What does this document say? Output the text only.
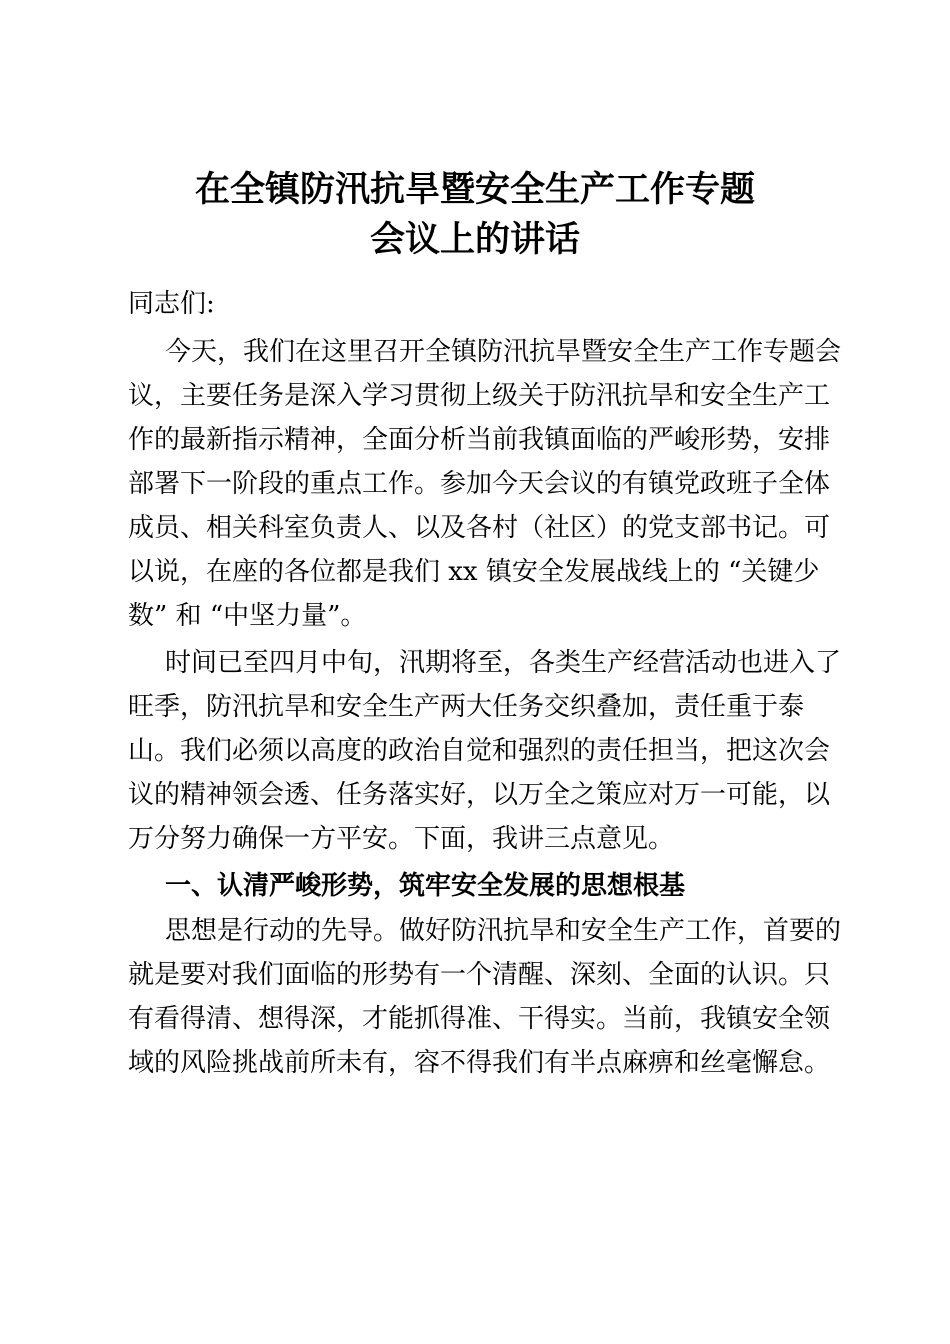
在全镇防汛抗旱暨安全生产工作专题
会议上的讲话
同志们:
今天，我们在这里召开全镇防汛抗旱暨安全生产工作专题会
议，主要任务是深入学习贯彻上级关于防汛抗旱和安全生产工
作的最新指示精神，全面分析当前我镇面临的严峻形势，安排
部署下一阶段的重点工作。参加今天会议的有镇党政班子全体
成员、相关科室负责人、以及各村（社区）的党支部书记。可
以说，在座的各位都是我们 xx 镇安全发展战线上的 “关键少
数” 和 “中坚力量”。
时间已至四月中旬，汛期将至，各类生产经营活动也进入了
旺季，防汛抗旱和安全生产两大任务交织叠加，责任重于泰
山。我们必须以高度的政治自觉和强烈的责任担当，把这次会
议的精神领会透、任务落实好，以万全之策应对万一可能，以
万分努力确保一方平安。下面，我讲三点意见。
一、认清严峻形势，筑牢安全发展的思想根基
思想是行动的先导。做好防汛抗旱和安全生产工作，首要的
就是要对我们面临的形势有一个清醒、深刻、全面的认识。只
有看得清、想得深，才能抓得准、干得实。当前，我镇安全领
域的风险挑战前所未有，容不得我们有半点麻痹和丝毫懈怠。
